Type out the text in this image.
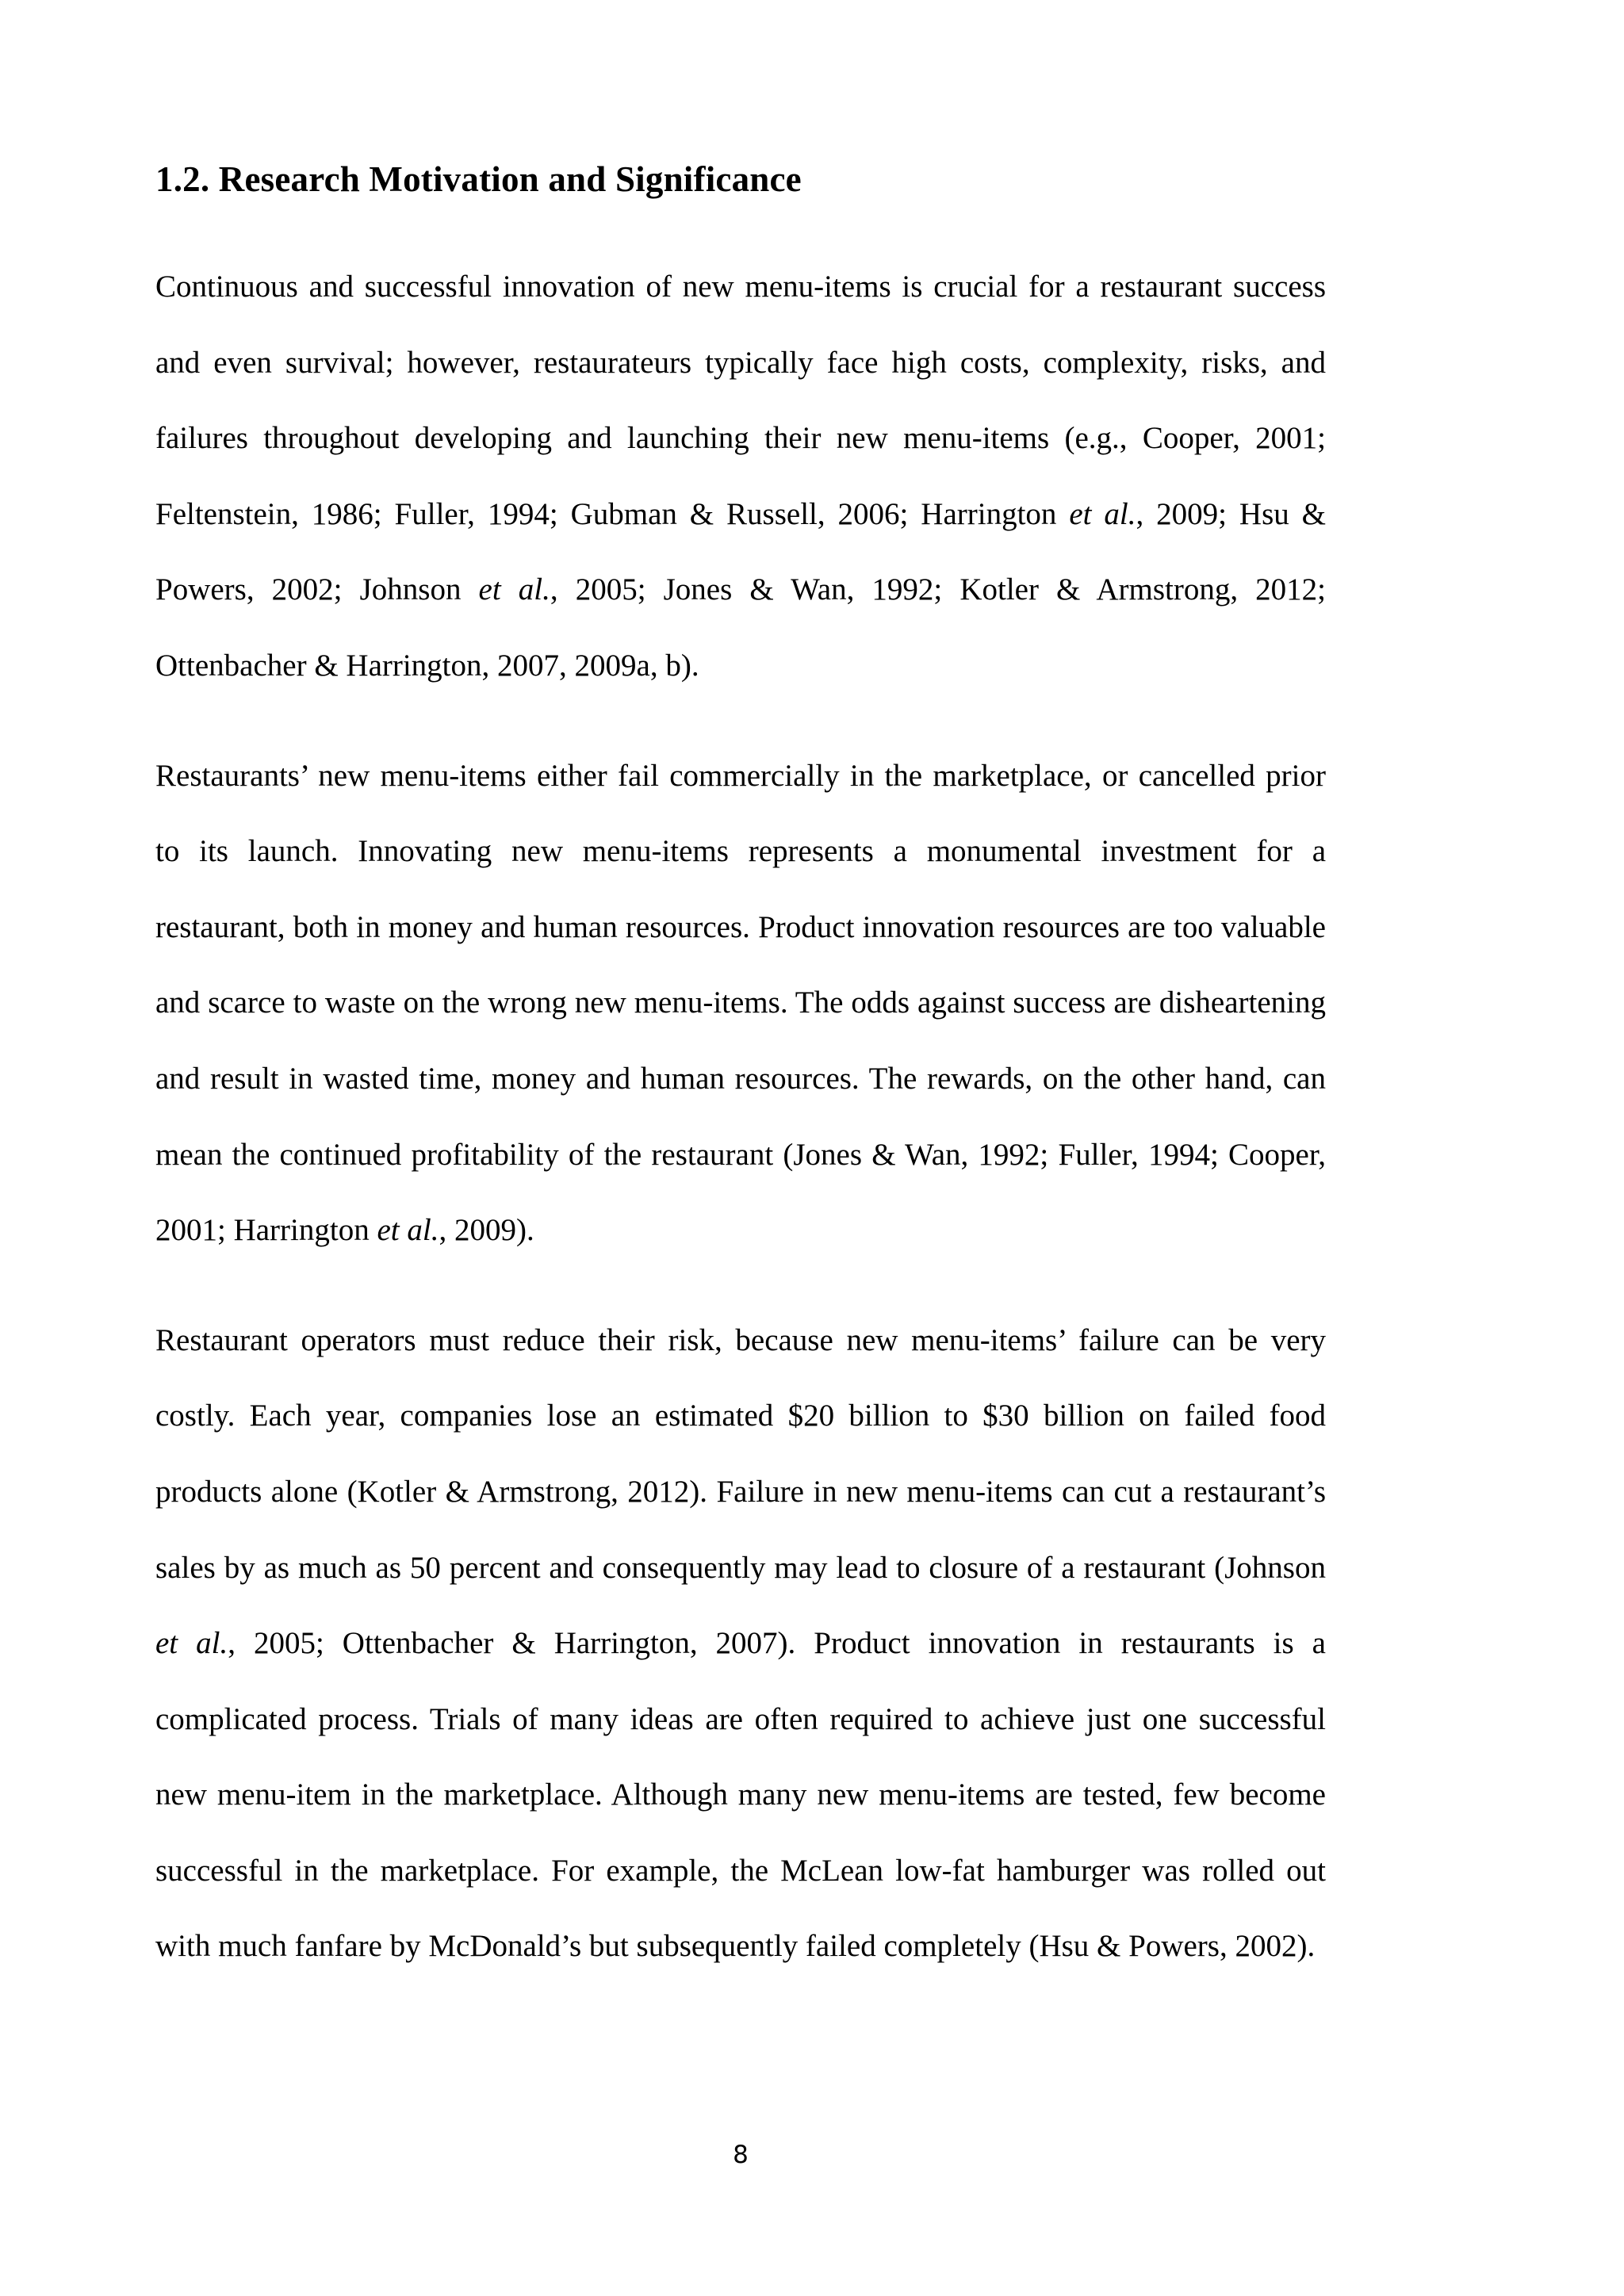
1.2. Research Motivation and Significance

Continuous and successful innovation of new menu-items is crucial for a restaurant success and even survival; however, restaurateurs typically face high costs, complexity, risks, and failures throughout developing and launching their new menu-items (e.g., Cooper, 2001; Feltenstein, 1986; Fuller, 1994; Gubman & Russell, 2006; Harrington et al., 2009; Hsu & Powers, 2002; Johnson et al., 2005; Jones & Wan, 1992; Kotler & Armstrong, 2012; Ottenbacher & Harrington, 2007, 2009a, b).

Restaurants’ new menu-items either fail commercially in the marketplace, or cancelled prior to its launch. Innovating new menu-items represents a monumental investment for a restaurant, both in money and human resources. Product innovation resources are too valuable and scarce to waste on the wrong new menu-items. The odds against success are disheartening and result in wasted time, money and human resources. The rewards, on the other hand, can mean the continued profitability of the restaurant (Jones & Wan, 1992; Fuller, 1994; Cooper, 2001; Harrington et al., 2009).

Restaurant operators must reduce their risk, because new menu-items’ failure can be very costly. Each year, companies lose an estimated $20 billion to $30 billion on failed food products alone (Kotler & Armstrong, 2012). Failure in new menu-items can cut a restaurant’s sales by as much as 50 percent and consequently may lead to closure of a restaurant (Johnson et al., 2005; Ottenbacher & Harrington, 2007). Product innovation in restaurants is a complicated process. Trials of many ideas are often required to achieve just one successful new menu-item in the marketplace. Although many new menu-items are tested, few become successful in the marketplace. For example, the McLean low-fat hamburger was rolled out with much fanfare by McDonald’s but subsequently failed completely (Hsu & Powers, 2002).

8
